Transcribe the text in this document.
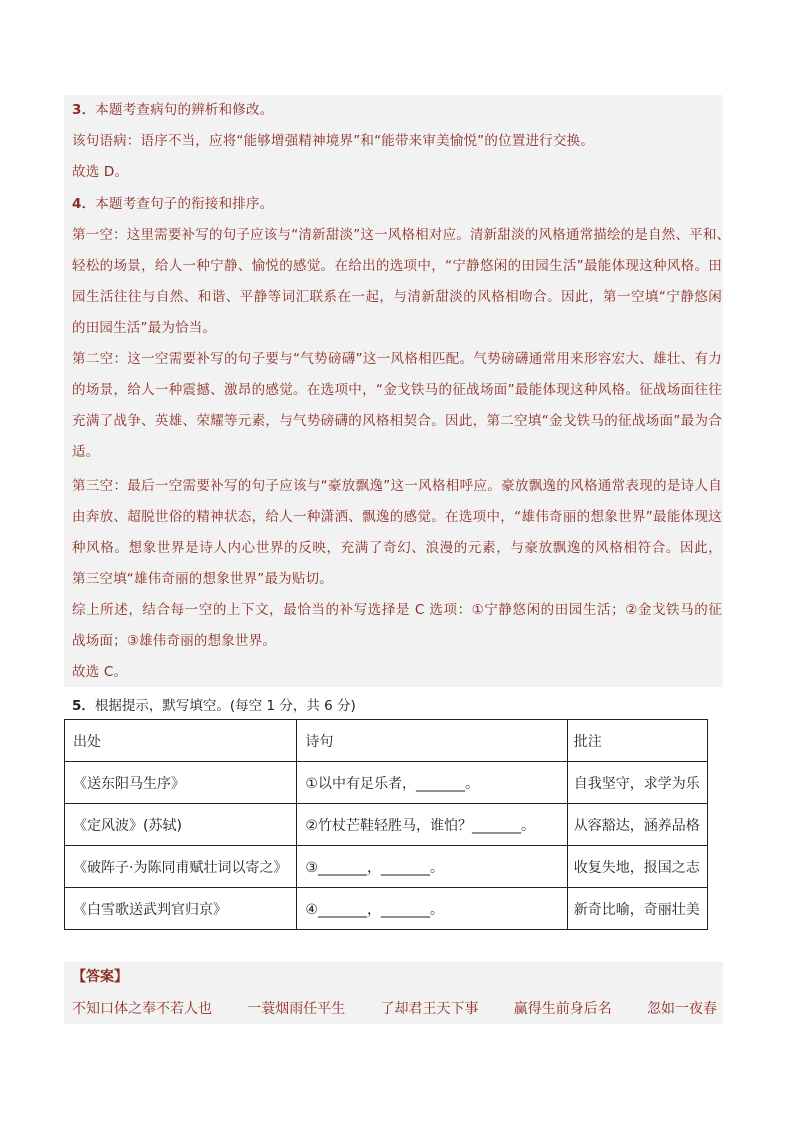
3．本题考查病句的辨析和修改。
该句语病：语序不当，应将“能够增强精神境界”和“能带来审美愉悦”的位置进行交换。
故选 D。
4．本题考查句子的衔接和排序。
第一空：这里需要补写的句子应该与“清新甜淡”这一风格相对应。清新甜淡的风格通常描绘的是自然、平和、
轻松的场景，给人一种宁静、愉悦的感觉。在给出的选项中，“宁静悠闲的田园生活”最能体现这种风格。田
园生活往往与自然、和谐、平静等词汇联系在一起，与清新甜淡的风格相吻合。因此，第一空填“宁静悠闲
的田园生活”最为恰当。
第二空：这一空需要补写的句子要与“气势磅礴”这一风格相匹配。气势磅礴通常用来形容宏大、雄壮、有力
的场景，给人一种震撼、激昂的感觉。在选项中，“金戈铁马的征战场面”最能体现这种风格。征战场面往往
充满了战争、英雄、荣耀等元素，与气势磅礴的风格相契合。因此，第二空填“金戈铁马的征战场面”最为合
适。
第三空：最后一空需要补写的句子应该与“豪放飘逸”这一风格相呼应。豪放飘逸的风格通常表现的是诗人自
由奔放、超脱世俗的精神状态，给人一种潇洒、飘逸的感觉。在选项中，“雄伟奇丽的想象世界”最能体现这
种风格。想象世界是诗人内心世界的反映，充满了奇幻、浪漫的元素，与豪放飘逸的风格相符合。因此，
第三空填“雄伟奇丽的想象世界”最为贴切。
综上所述，结合每一空的上下文，最恰当的补写选择是 C 选项：①宁静悠闲的田园生活；②金戈铁马的征
战场面；③雄伟奇丽的想象世界。
故选 C。
5．根据提示，默写填空。(每空 1 分，共 6 分)
出处	诗句	批注
《送东阳马生序》	①以中有足乐者，_______。	自我坚守，求学为乐
《定风波》(苏轼)	②竹杖芒鞋轻胜马，谁怕？_______。	从容豁达，涵养品格
《破阵子·为陈同甫赋壮词以寄之》	③_______，_______。	收复失地，报国之志
《白雪歌送武判官归京》	④_______，_______。	新奇比喻，奇丽壮美
【答案】
不知口体之奉不若人也	一蓑烟雨任平生	了却君王天下事	赢得生前身后名	忽如一夜春
